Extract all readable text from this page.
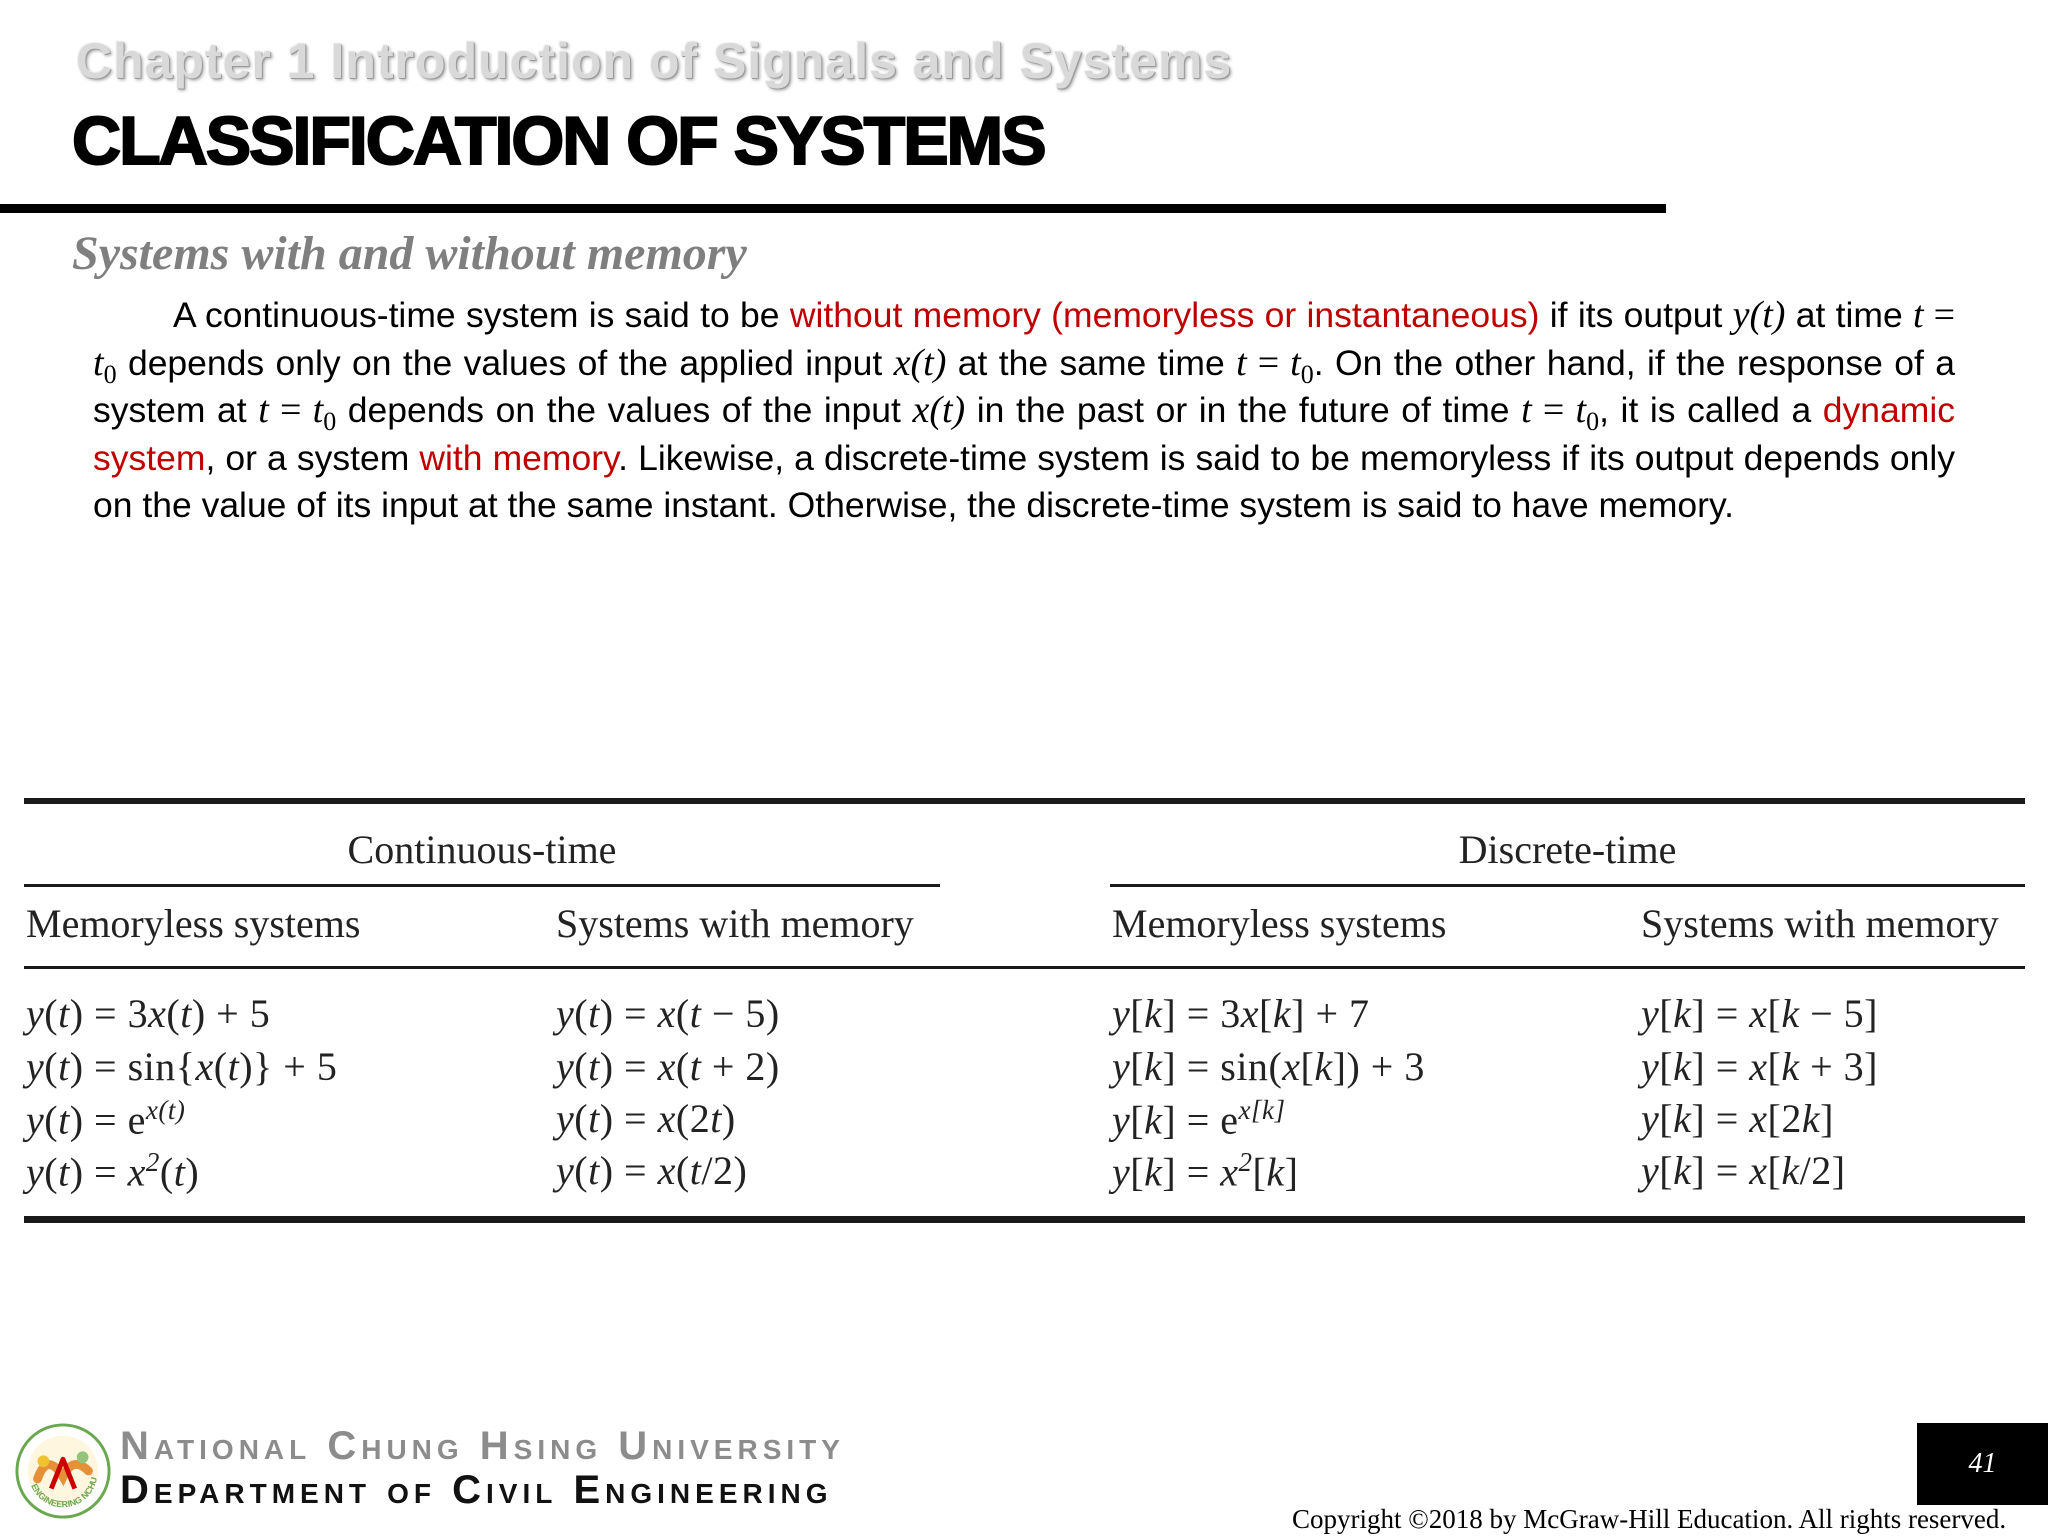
Chapter 1 Introduction of Signals and Systems
CLASSIFICATION OF SYSTEMS
Systems with and without memory
A continuous-time system is said to be without memory (memoryless or instantaneous) if its output y(t) at time $t = t_0$ depends only on the values of the applied input x(t) at the same time $t = t_0$. On the other hand, if the response of a system at $t = t_0$ depends on the values of the input x(t) in the past or in the future of time $t = t_0$, it is called a dynamic system, or a system with memory. Likewise, a discrete-time system is said to be memoryless if its output depends only on the value of its input at the same instant. Otherwise, the discrete-time system is said to have memory.
Continuous-time	Discrete-time
Memoryless systems	Systems with memory	Memoryless systems	Systems with memory
y(t) = 3x(t) + 5	y(t) = x(t − 5)	y[k] = 3x[k] + 7	y[k] = x[k − 5]
y(t) = sin{x(t)} + 5	y(t) = x(t + 2)	y[k] = sin(x[k]) + 3	y[k] = x[k + 3]
$y(t) = e^{x(t)}$	y(t) = x(2t)	$y[k] = e^{x[k]}$	y[k] = x[2k]
$y(t) = x^2(t)$	y(t) = x(t/2)	$y[k] = x^2[k]$	y[k] = x[k/2]
ENGINEERING NCHU
National Chung Hsing University
Department of Civil Engineering
41
Copyright ©2018 by McGraw-Hill Education. All rights reserved.
